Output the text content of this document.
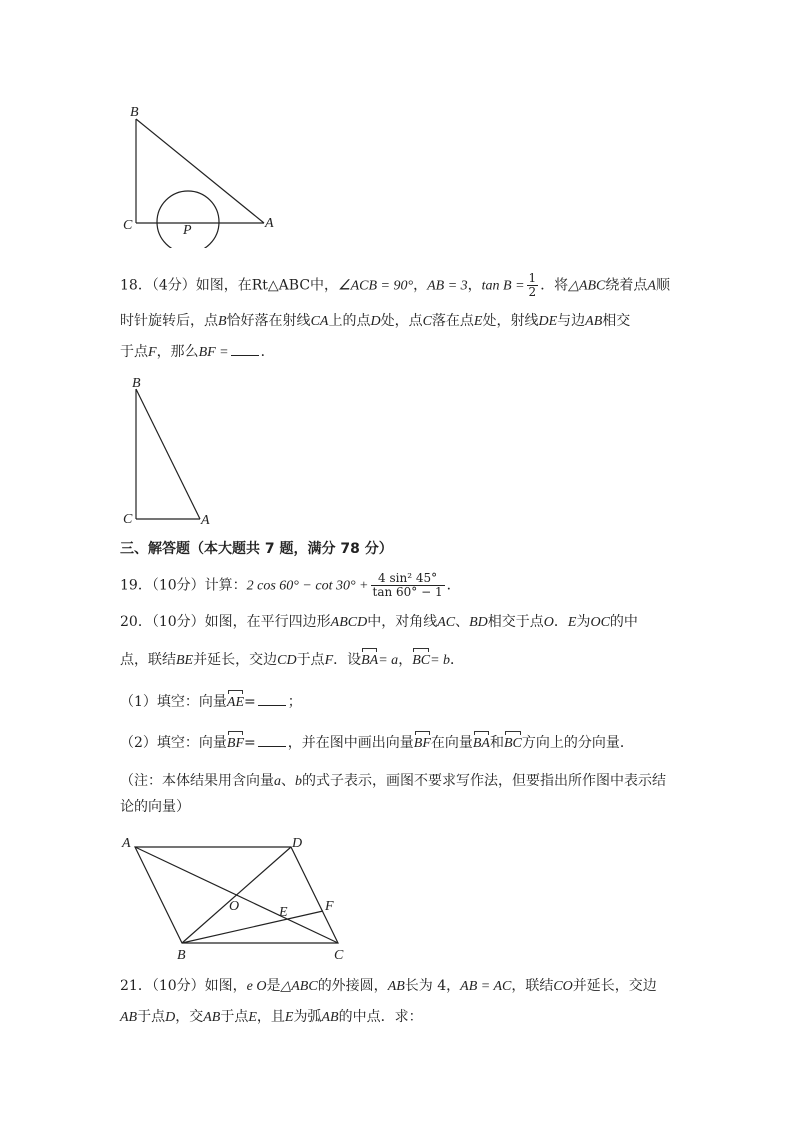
B
C	A
P
18．（4分）如图，在Rt△ABC中，∠ACB = 90°，AB = 3，$\tan B = \frac{1}{2}$ ．将△ABC绕着点A顺
时针旋转后，点B恰好落在射线CA上的点D处，点C落在点E处，射线DE与边AB相交
于点F，那么BF = ．
B
C	A
三、解答题（本大题共 7 题，满分 78 分）
19．（10分）计算：2 $\cos 60^\circ - \cot 30^\circ + \frac{\text{4 sin² 45°}}{\tan 60^\circ - 1}$ ．
20．（10分）如图，在平行四边形ABCD中，对角线AC、BD相交于点O．E为OC的中
点，联结BE并延长，交边CD于点F．设BA= a，BC= b．
（1）填空：向量AE= ；
（2）填空：向量BF= ，并在图中画出向量BF在向量BA和BC方向上的分向量．
（注：本体结果用含向量a、b的式子表示，画图不要求写作法，但要指出所作图中表示结
论的向量）
A	D
O	E	F
B	C
21．（10分）如图，e O是△ABC的外接圆，AB长为 4，AB = AC，联结CO并延长，交边
AB于点D，交AB于点E，且E为弧AB的中点．求：
